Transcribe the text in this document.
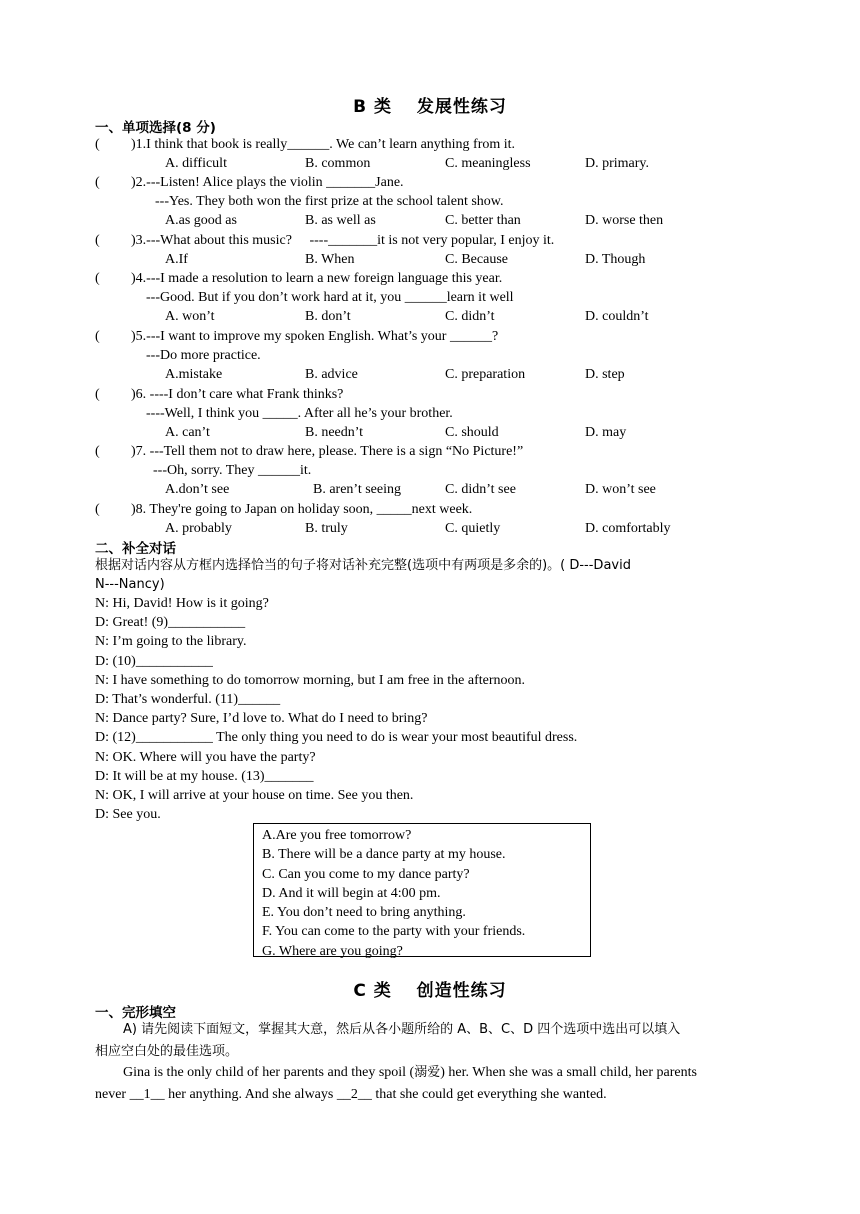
B 类　 发展性练习
一、单项选择(8 分)
( )1.I think that book is really______. We can’t learn anything from it.
A. difficult	B. common	C. meaningless	D. primary.
( )2.---Listen! Alice plays the violin _______Jane.
---Yes. They both won the first prize at the school talent show.
A.as good as	B. as well as	C. better than	D. worse then
( )3.---What about this music?　 ----_______it is not very popular, I enjoy it.
A.If	B. When	C. Because	D. Though
( )4.---I made a resolution to learn a new foreign language this year.
---Good. But if you don’t work hard at it, you ______learn it well
A. won’t	B. don’t	C. didn’t	D. couldn’t
( )5.---I want to improve my spoken English. What’s your ______?
---Do more practice.
A.mistake	B. advice	C. preparation	D. step
( )6. ----I don’t care what Frank thinks?
----Well, I think you _____. After all he’s your brother.
A. can’t	B. needn’t	C. should	D. may
( )7. ---Tell them not to draw here, please. There is a sign “No Picture!”
---Oh, sorry. They ______it.
A.don’t see	B. aren’t seeing	C. didn’t see	D. won’t see
( )8. They're going to Japan on holiday soon, _____next week.
A. probably	B. truly	C. quietly	D. comfortably
二、补全对话
根据对话内容从方框内选择恰当的句子将对话补充完整(选项中有两项是多余的)。( D---David
N---Nancy)
N: Hi, David! How is it going?
D: Great! (9)___________
N: I’m going to the library.
D: (10)___________
N: I have something to do tomorrow morning, but I am free in the afternoon.
D: That’s wonderful. (11)______
N: Dance party? Sure, I’d love to. What do I need to bring?
D: (12)___________ The only thing you need to do is wear your most beautiful dress.
N: OK. Where will you have the party?
D: It will be at my house. (13)_______
N: OK, I will arrive at your house on time. See you then.
D: See you.
A.Are you free tomorrow?
B. There will be a dance party at my house.
C. Can you come to my dance party?
D. And it will begin at 4:00 pm.
E. You don’t need to bring anything.
F. You can come to the party with your friends.
G. Where are you going?
C 类　 创造性练习
一、完形填空
A) 请先阅读下面短文，掌握其大意，然后从各小题所给的 A、B、C、D 四个选项中选出可以填入
相应空白处的最佳选项。
Gina is the only child of her parents and they spoil (溺爱) her. When she was a small child, her parents
never __1__ her anything. And she always __2__ that she could get everything she wanted.
